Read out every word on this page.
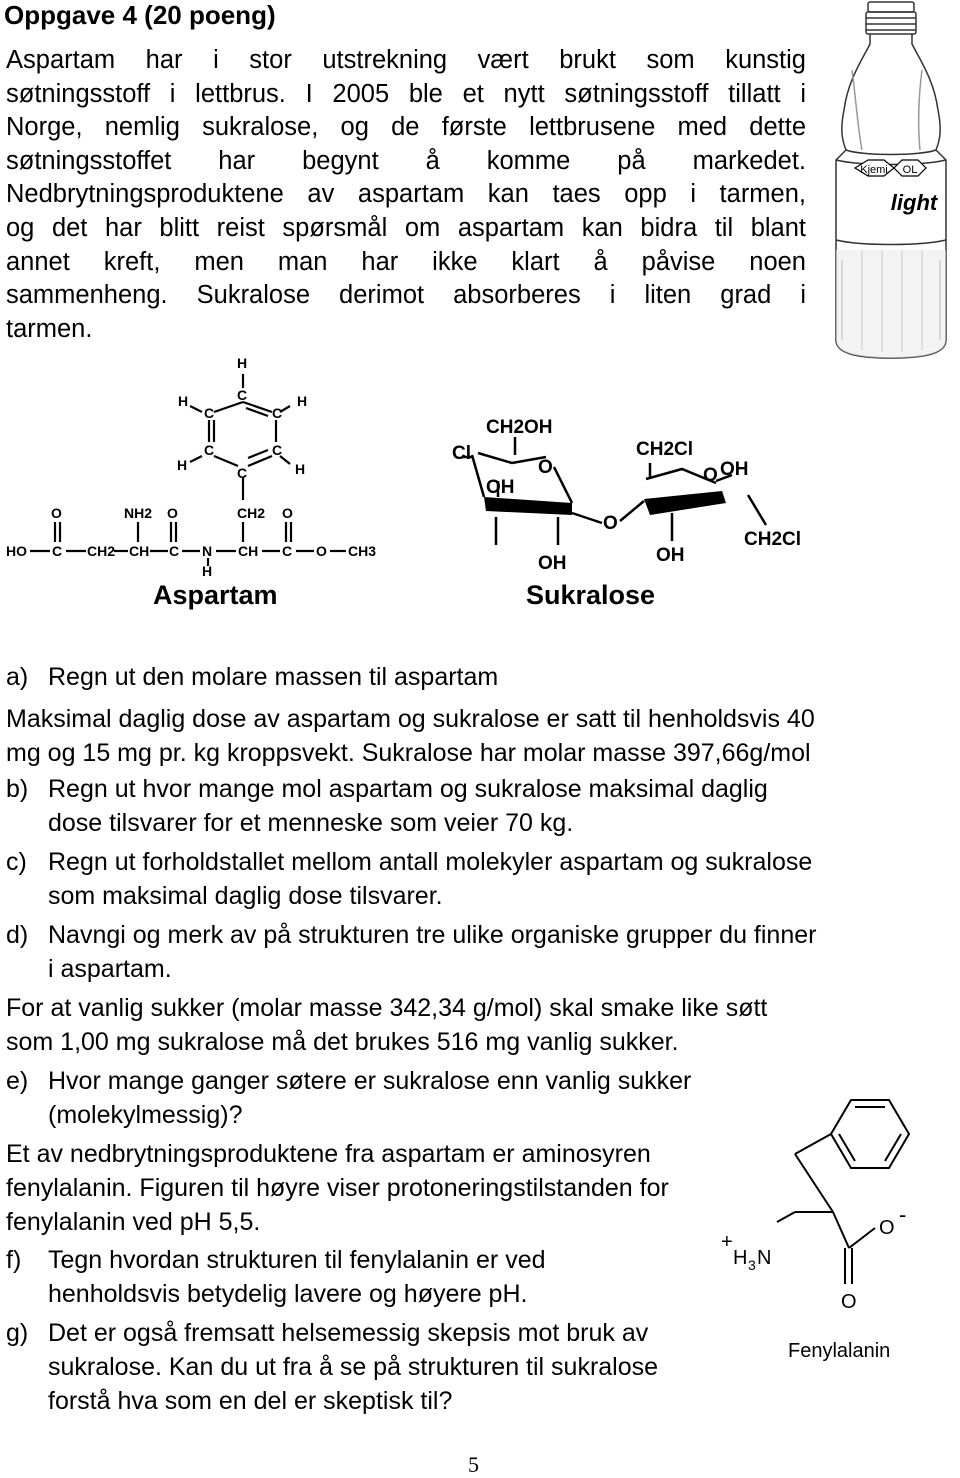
Oppgave 4 (20 poeng)
Aspartam har i stor utstrekning vært brukt som kunstig
søtningsstoff i lettbrus. I 2005 ble et nytt søtningsstoff tillatt i
Norge, nemlig sukralose, og de første lettbrusene med dette
søtningsstoffet har begynt å komme på markedet.
Nedbrytningsproduktene av aspartam kan taes opp i tarmen,
og det har blitt reist spørsmål om aspartam kan bidra til blant
annet kreft, men man har ikke klart å påvise noen
sammenheng. Sukralose derimot absorberes i liten grad i
tarmen.
Kjemi OL
light
H
C
H
C	C
H
C	C
H	H
C
CH2
NH2
O	O	O
HO C CH2 CH C N
H
CH C O CH3
CH2OH
Cl
O
OH
OH
O
CH2Cl
O OH
OH
CH2Cl
Aspartam	Sukralose
a) Regn ut den molare massen til aspartam
Maksimal daglig dose av aspartam og sukralose er satt til henholdsvis 40
mg og 15 mg pr. kg kroppsvekt. Sukralose har molar masse 397,66g/mol
b) Regn ut hvor mange mol aspartam og sukralose maksimal daglig
dose tilsvarer for et menneske som veier 70 kg.
c) Regn ut forholdstallet mellom antall molekyler aspartam og sukralose
som maksimal daglig dose tilsvarer.
d) Navngi og merk av på strukturen tre ulike organiske grupper du finner
i aspartam.
For at vanlig sukker (molar masse 342,34 g/mol) skal smake like søtt
som 1,00 mg sukralose må det brukes 516 mg vanlig sukker.
e) Hvor mange ganger søtere er sukralose enn vanlig sukker
(molekylmessig)?
Et av nedbrytningsproduktene fra aspartam er aminosyren
fenylalanin. Figuren til høyre viser protoneringstilstanden for
fenylalanin ved pH 5,5.
f) Tegn hvordan strukturen til fenylalanin er ved
henholdsvis betydelig lavere og høyere pH.
g) Det er også fremsatt helsemessig skepsis mot bruk av
sukralose. Kan du ut fra å se på strukturen til sukralose
forstå hva som en del er skeptisk til?
O
-
+
H 3 N
O
Fenylalanin
5
